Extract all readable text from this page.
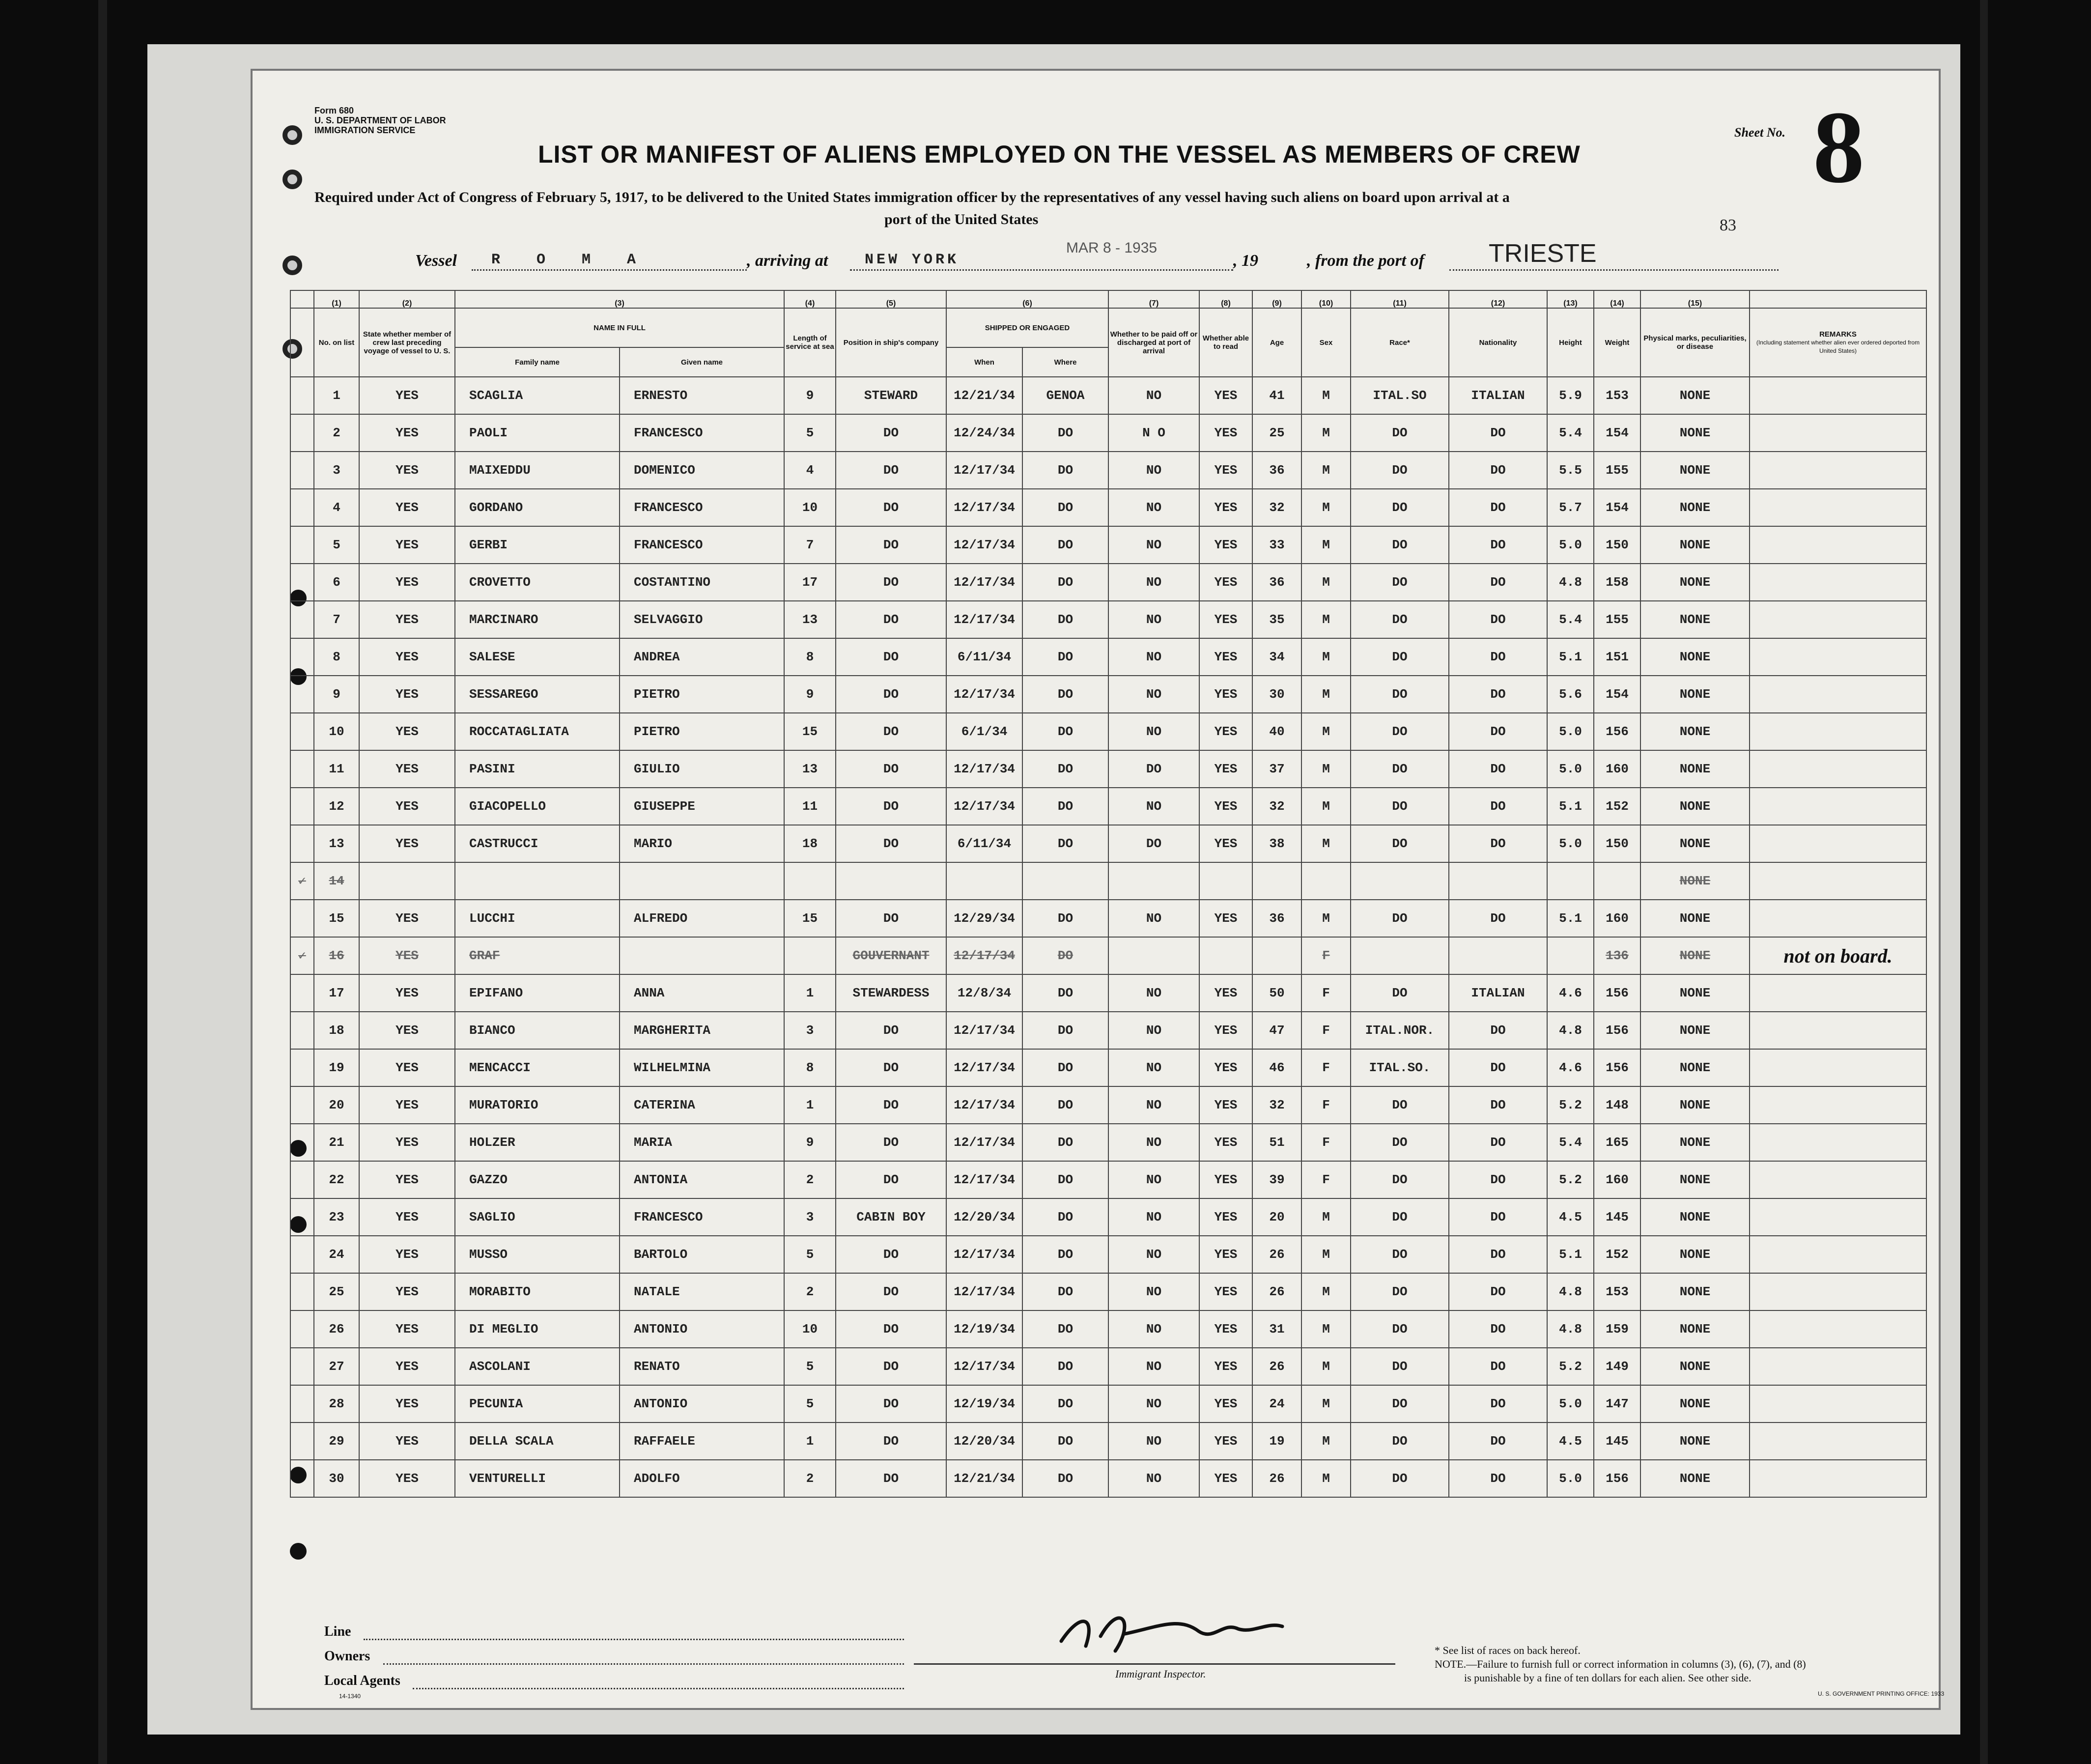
Form 680
U. S. DEPARTMENT OF LABOR
IMMIGRATION SERVICE
LIST OR MANIFEST OF ALIENS EMPLOYED ON THE VESSEL AS MEMBERS OF CREW
Sheet No. 8
Required under Act of Congress of February 5, 1917, to be delivered to the United States immigration officer by the representatives of any vessel having such aliens on board upon arrival at a
port of the United States	83
Vessel R O M A	, arriving at NEW YORK
MAR 8 - 1935
, 19	, from the port of	TRIESTE
	(1)	(2)	(3)		(4)	(5)	(6)		(7)	(8)	(9)	(10)	(11)	(12)	(13)	(14)	(15)	
	No. on list	State whether member of crew last preceding voyage of vessel to U. S.	NAME IN FULL		Length of service at sea	Position in ship's company	SHIPPED OR ENGAGED		Whether to be paid off or discharged at port of arrival	Whether able to read	Age	Sex	Race*	Nationality	Height	Weight	Physical marks, peculiarities, or disease	REMARKS
(Including statement whether alien ever ordered deported from United States)

			Family name	Given name			When	Where										
	1	YES	SCAGLIA	ERNESTO	9	STEWARD	12/21/34	GENOA	NO	YES	41	M	ITAL.SO	ITALIAN	5.9	153	NONE	
	2	YES	PAOLI	FRANCESCO	5	DO	12/24/34	DO	N O	YES	25	M	DO	DO	5.4	154	NONE	
	3	YES	MAIXEDDU	DOMENICO	4	DO	12/17/34	DO	NO	YES	36	M	DO	DO	5.5	155	NONE	
	4	YES	GORDANO	FRANCESCO	10	DO	12/17/34	DO	NO	YES	32	M	DO	DO	5.7	154	NONE	
	5	YES	GERBI	FRANCESCO	7	DO	12/17/34	DO	NO	YES	33	M	DO	DO	5.0	150	NONE	
	6	YES	CROVETTO	COSTANTINO	17	DO	12/17/34	DO	NO	YES	36	M	DO	DO	4.8	158	NONE	
	7	YES	MARCINARO	SELVAGGIO	13	DO	12/17/34	DO	NO	YES	35	M	DO	DO	5.4	155	NONE	
	8	YES	SALESE	ANDREA	8	DO	6/11/34	DO	NO	YES	34	M	DO	DO	5.1	151	NONE	
	9	YES	SESSAREGO	PIETRO	9	DO	12/17/34	DO	NO	YES	30	M	DO	DO	5.6	154	NONE	
	10	YES	ROCCATAGLIATA	PIETRO	15	DO	6/1/34	DO	NO	YES	40	M	DO	DO	5.0	156	NONE	
	11	YES	PASINI	GIULIO	13	DO	12/17/34	DO	DO	YES	37	M	DO	DO	5.0	160	NONE	
	12	YES	GIACOPELLO	GIUSEPPE	11	DO	12/17/34	DO	NO	YES	32	M	DO	DO	5.1	152	NONE	
	13	YES	CASTRUCCI	MARIO	18	DO	6/11/34	DO	DO	YES	38	M	DO	DO	5.0	150	NONE	
✓	14																NONE	
	15	YES	LUCCHI	ALFREDO	15	DO	12/29/34	DO	NO	YES	36	M	DO	DO	5.1	160	NONE	
✓	16	YES	GRAF			GOUVERNANT	12/17/34	DO				F				136	NONE	not on board.
	17	YES	EPIFANO	ANNA	1	STEWARDESS	12/8/34	DO	NO	YES	50	F	DO	ITALIAN	4.6	156	NONE	
	18	YES	BIANCO	MARGHERITA	3	DO	12/17/34	DO	NO	YES	47	F	ITAL.NOR.	DO	4.8	156	NONE	
	19	YES	MENCACCI	WILHELMINA	8	DO	12/17/34	DO	NO	YES	46	F	ITAL.SO.	DO	4.6	156	NONE	
	20	YES	MURATORIO	CATERINA	1	DO	12/17/34	DO	NO	YES	32	F	DO	DO	5.2	148	NONE	
	21	YES	HOLZER	MARIA	9	DO	12/17/34	DO	NO	YES	51	F	DO	DO	5.4	165	NONE	
	22	YES	GAZZO	ANTONIA	2	DO	12/17/34	DO	NO	YES	39	F	DO	DO	5.2	160	NONE	
	23	YES	SAGLIO	FRANCESCO	3	CABIN BOY	12/20/34	DO	NO	YES	20	M	DO	DO	4.5	145	NONE	
	24	YES	MUSSO	BARTOLO	5	DO	12/17/34	DO	NO	YES	26	M	DO	DO	5.1	152	NONE	
	25	YES	MORABITO	NATALE	2	DO	12/17/34	DO	NO	YES	26	M	DO	DO	4.8	153	NONE	
	26	YES	DI MEGLIO	ANTONIO	10	DO	12/19/34	DO	NO	YES	31	M	DO	DO	4.8	159	NONE	
	27	YES	ASCOLANI	RENATO	5	DO	12/17/34	DO	NO	YES	26	M	DO	DO	5.2	149	NONE	
	28	YES	PECUNIA	ANTONIO	5	DO	12/19/34	DO	NO	YES	24	M	DO	DO	5.0	147	NONE	
	29	YES	DELLA SCALA	RAFFAELE	1	DO	12/20/34	DO	NO	YES	19	M	DO	DO	4.5	145	NONE	
	30	YES	VENTURELLI	ADOLFO	2	DO	12/21/34	DO	NO	YES	26	M	DO	DO	5.0	156	NONE	
Line
Owners
Local Agents
14-1340
Immigrant Inspector.
* See list of races on back hereof.
NOTE.—Failure to furnish full or correct information in columns (3), (6), (7), and (8)
is punishable by a fine of ten dollars for each alien. See other side.
U. S. GOVERNMENT PRINTING OFFICE: 1933
